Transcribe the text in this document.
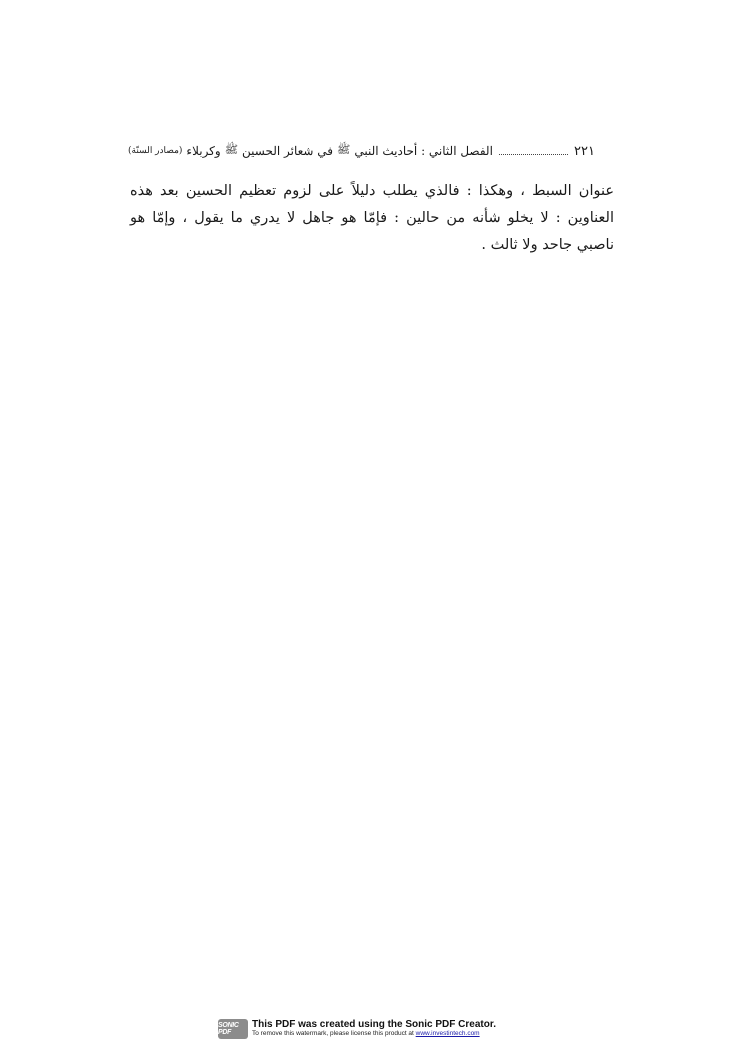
الفصل الثاني : أحاديث النبي
ﷺ
في شعائر الحسين
ﷺ
وكربلاء
(مصادر السنّة)	٢٢١

عنوان السبط ، وهكذا : فالذي يطلب دليلاً على لزوم تعظيم الحسين بعد هذه العناوين : لا يخلو شأنه من حالين : فإمّا هو جاهل لا يدري ما يقول ، وإمّا هو ناصبي جاحد ولا ثالث .

SONIC PDF
This PDF was created using the Sonic PDF Creator.
To remove this watermark, please license this product at www.investintech.com
